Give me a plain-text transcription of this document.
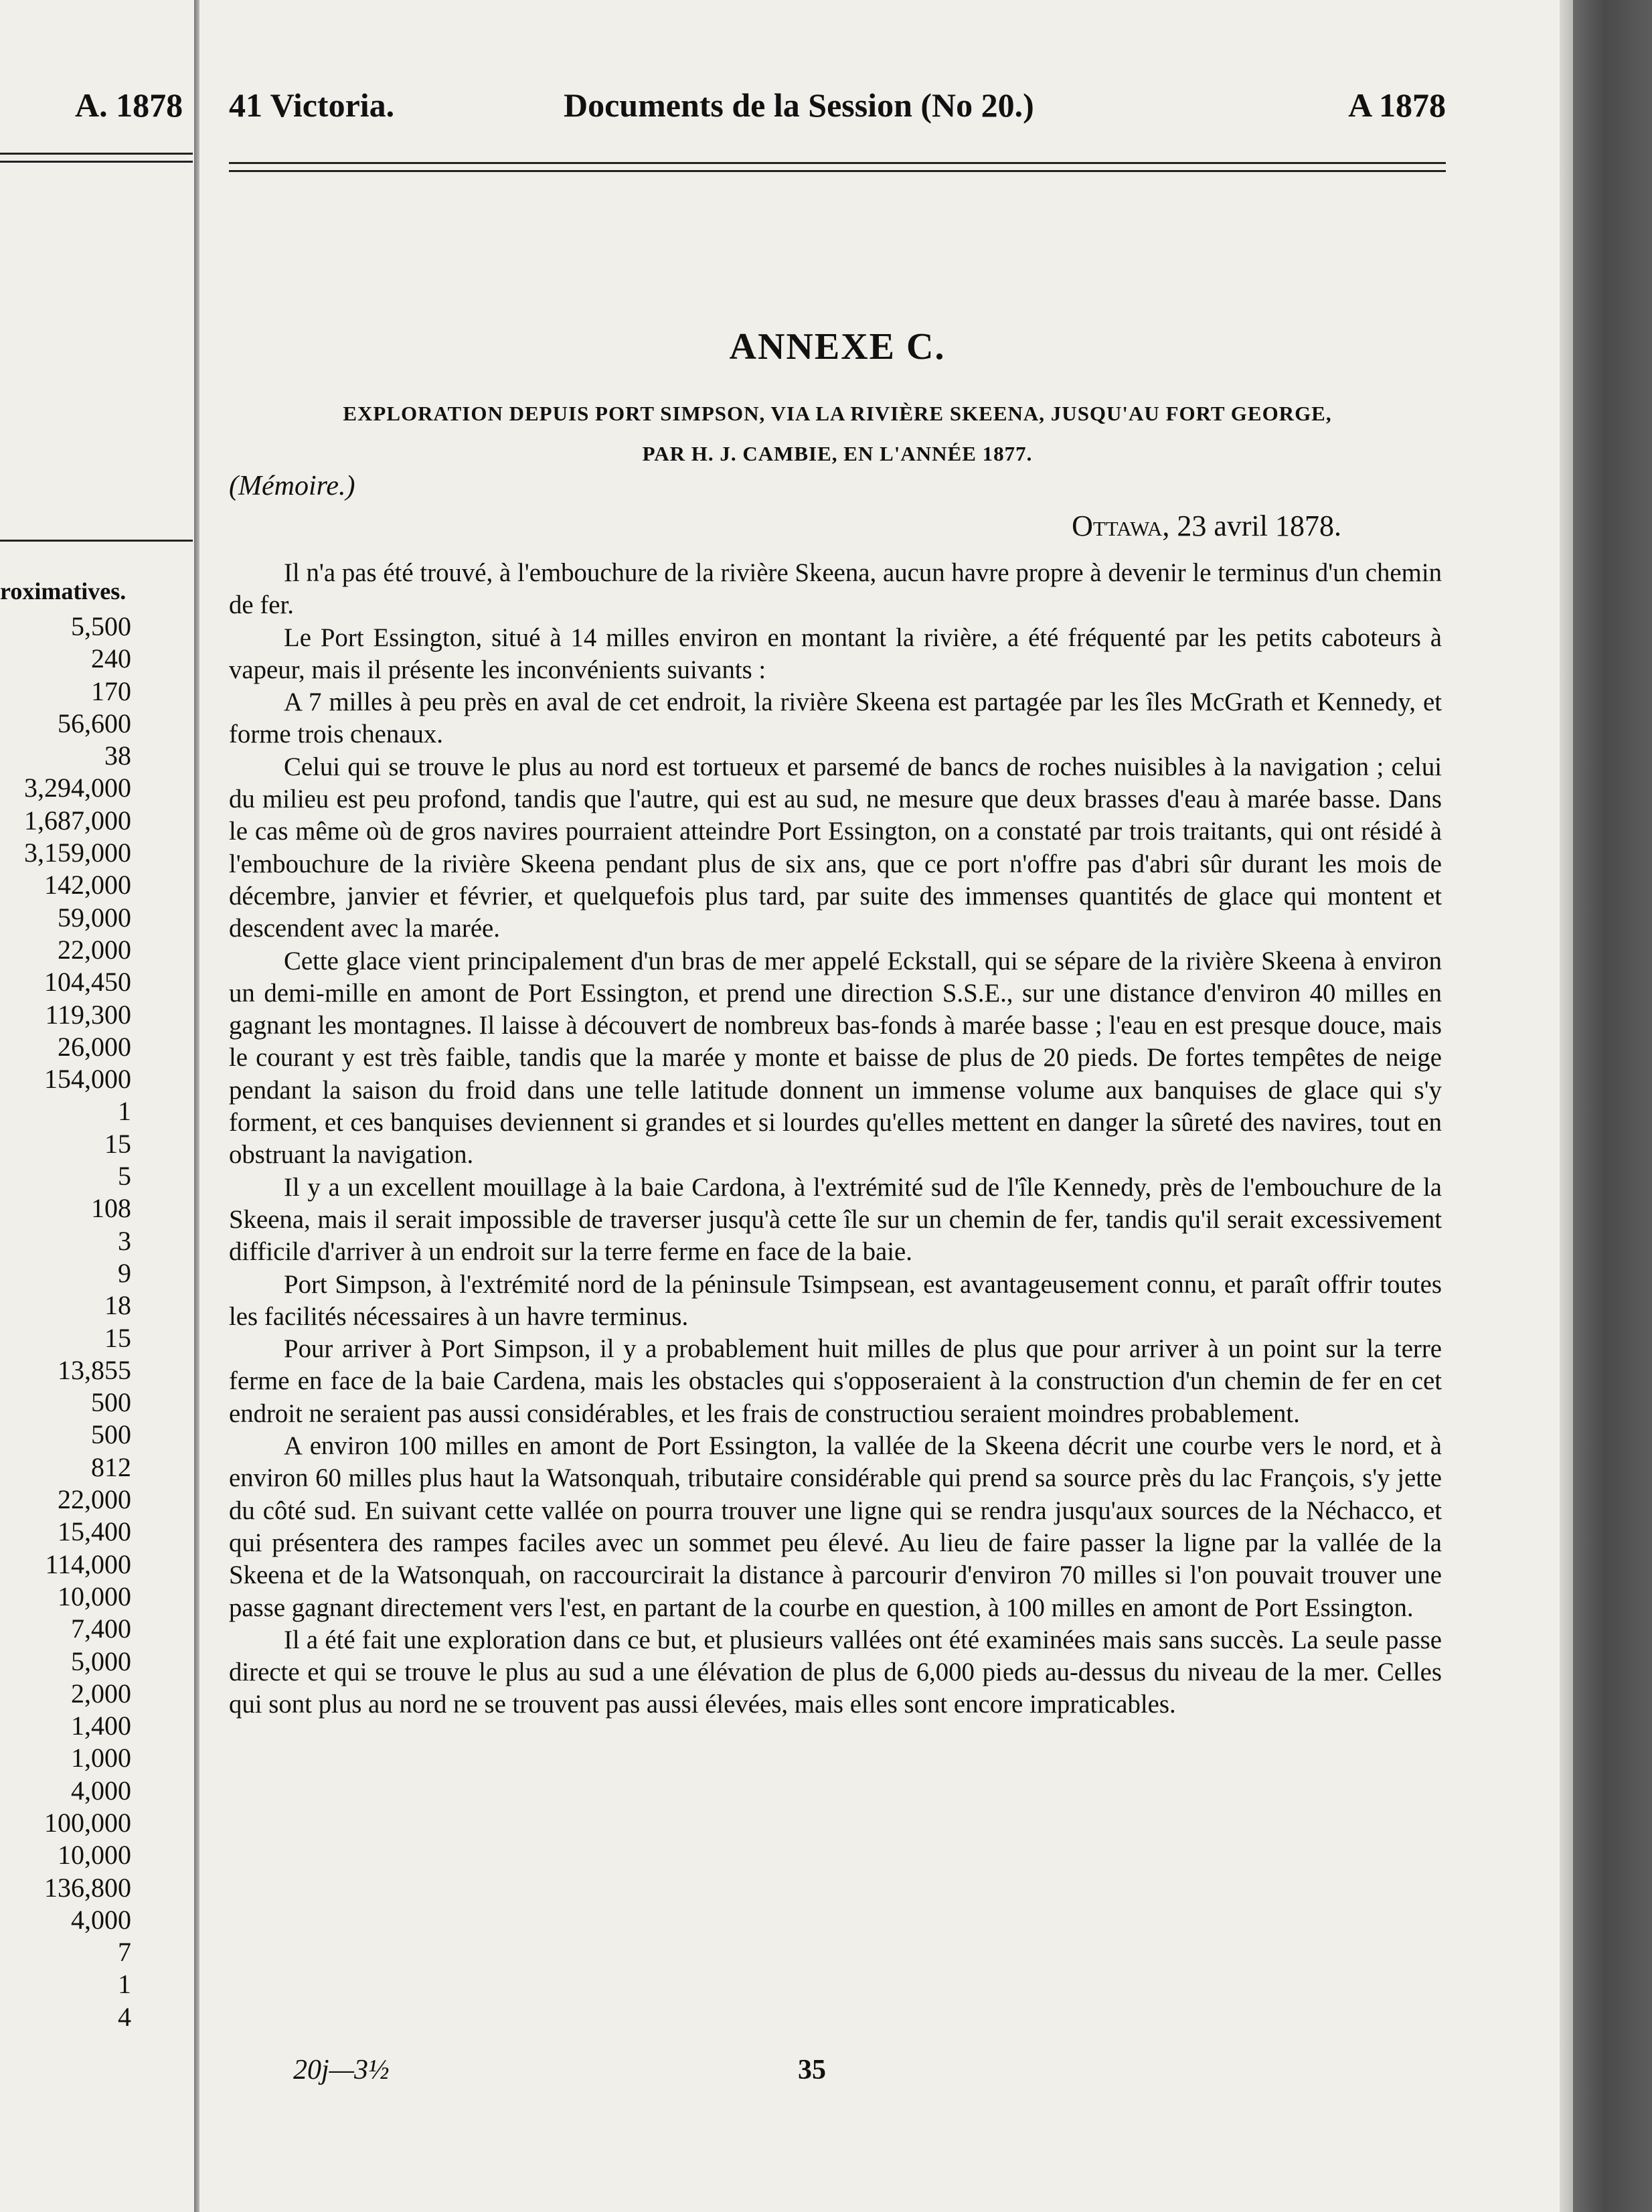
A. 1878
roximatives.
5,500
240
170
56,600
38
3,294,000
1,687,000
3,159,000
142,000
59,000
22,000
104,450
119,300
26,000
154,000
1
15
5
108
3
9
18
15
13,855
500
500
812
22,000
15,400
114,000
10,000
7,400
5,000
2,000
1,400
1,000
4,000
100,000
10,000
136,800
4,000
7
1
4
41 Victoria.	Documents de la Session (No 20.)	A 1878
ANNEXE C.
EXPLORATION DEPUIS PORT SIMPSON, VIA LA RIVIÈRE SKEENA, JUSQU'AU FORT GEORGE,
PAR H. J. CAMBIE, EN L'ANNÉE 1877.
(Mémoire.)
Ottawa, 23 avril 1878.

Il n'a pas été trouvé, à l'embouchure de la rivière Skeena, aucun havre propre à devenir le terminus d'un chemin de fer.

Le Port Essington, situé à 14 milles environ en montant la rivière, a été fréquenté par les petits caboteurs à vapeur, mais il présente les inconvénients suivants :

A 7 milles à peu près en aval de cet endroit, la rivière Skeena est partagée par les îles McGrath et Kennedy, et forme trois chenaux.

Celui qui se trouve le plus au nord est tortueux et parsemé de bancs de roches nuisibles à la navigation ; celui du milieu est peu profond, tandis que l'autre, qui est au sud, ne mesure que deux brasses d'eau à marée basse. Dans le cas même où de gros navires pourraient atteindre Port Essington, on a constaté par trois traitants, qui ont résidé à l'embouchure de la rivière Skeena pendant plus de six ans, que ce port n'offre pas d'abri sûr durant les mois de décembre, janvier et février, et quelquefois plus tard, par suite des immenses quantités de glace qui montent et descendent avec la marée.

Cette glace vient principalement d'un bras de mer appelé Eckstall, qui se sépare de la rivière Skeena à environ un demi-mille en amont de Port Essington, et prend une direction S.S.E., sur une distance d'environ 40 milles en gagnant les montagnes. Il laisse à découvert de nombreux bas-fonds à marée basse ; l'eau en est presque douce, mais le courant y est très faible, tandis que la marée y monte et baisse de plus de 20 pieds. De fortes tempêtes de neige pendant la saison du froid dans une telle latitude donnent un immense volume aux banquises de glace qui s'y forment, et ces banquises deviennent si grandes et si lourdes qu'elles mettent en danger la sûreté des navires, tout en obstruant la navigation.

Il y a un excellent mouillage à la baie Cardona, à l'extrémité sud de l'île Kennedy, près de l'embouchure de la Skeena, mais il serait impossible de traverser jusqu'à cette île sur un chemin de fer, tandis qu'il serait excessivement difficile d'arriver à un endroit sur la terre ferme en face de la baie.

Port Simpson, à l'extrémité nord de la péninsule Tsimpsean, est avantageusement connu, et paraît offrir toutes les facilités nécessaires à un havre terminus.

Pour arriver à Port Simpson, il y a probablement huit milles de plus que pour arriver à un point sur la terre ferme en face de la baie Cardena, mais les obstacles qui s'opposeraient à la construction d'un chemin de fer en cet endroit ne seraient pas aussi considérables, et les frais de constructiou seraient moindres probablement.

A environ 100 milles en amont de Port Essington, la vallée de la Skeena décrit une courbe vers le nord, et à environ 60 milles plus haut la Watsonquah, tributaire considérable qui prend sa source près du lac François, s'y jette du côté sud. En suivant cette vallée on pourra trouver une ligne qui se rendra jusqu'aux sources de la Néchacco, et qui présentera des rampes faciles avec un sommet peu élevé. Au lieu de faire passer la ligne par la vallée de la Skeena et de la Watsonquah, on raccourcirait la distance à parcourir d'environ 70 milles si l'on pouvait trouver une passe gagnant directement vers l'est, en partant de la courbe en question, à 100 milles en amont de Port Essington.

Il a été fait une exploration dans ce but, et plusieurs vallées ont été examinées mais sans succès. La seule passe directe et qui se trouve le plus au sud a une élévation de plus de 6,000 pieds au-dessus du niveau de la mer. Celles qui sont plus au nord ne se trouvent pas aussi élevées, mais elles sont encore impraticables.

20j—3½	35
